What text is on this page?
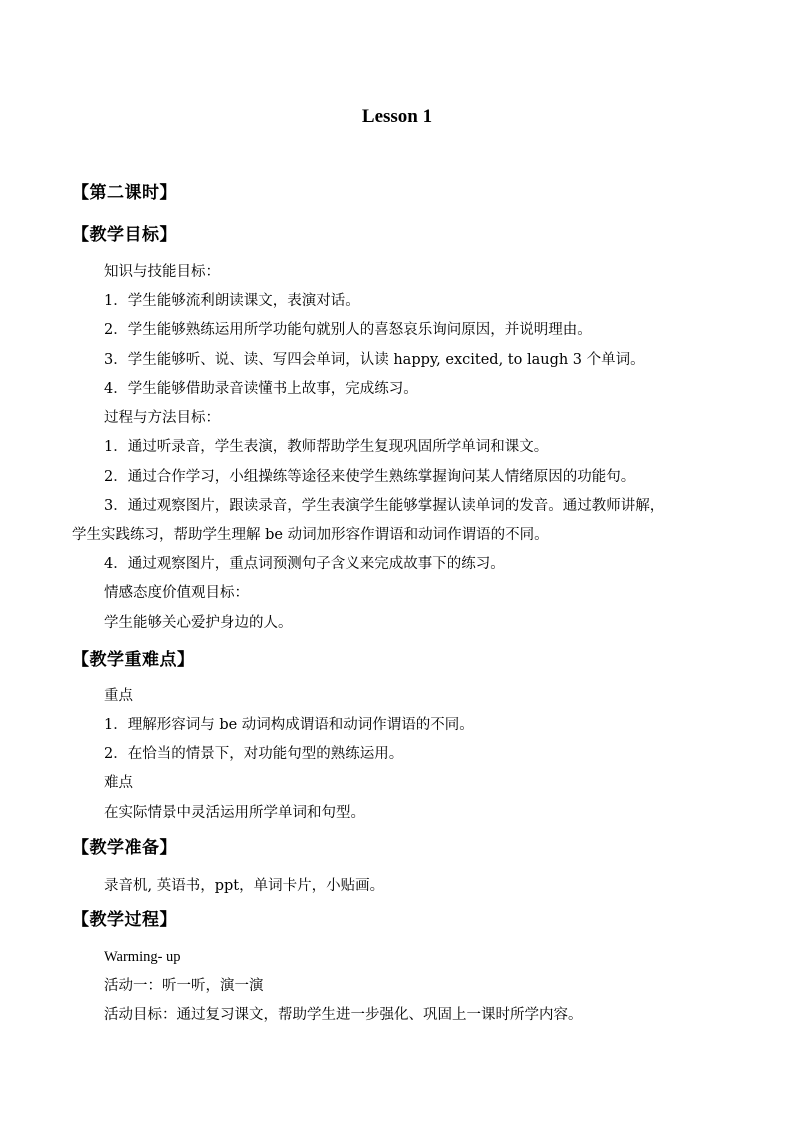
Lesson 1
【第二课时】
【教学目标】
知识与技能目标：
1．学生能够流利朗读课文，表演对话。
2．学生能够熟练运用所学功能句就别人的喜怒哀乐询问原因，并说明理由。
3．学生能够听、说、读、写四会单词，认读 happy, excited, to laugh 3 个单词。
4．学生能够借助录音读懂书上故事，完成练习。
过程与方法目标：
1．通过听录音，学生表演，教师帮助学生复现巩固所学单词和课文。
2．通过合作学习，小组操练等途径来使学生熟练掌握询问某人情绪原因的功能句。
3．通过观察图片，跟读录音，学生表演学生能够掌握认读单词的发音。通过教师讲解，
学生实践练习，帮助学生理解 be 动词加形容作谓语和动词作谓语的不同。
4．通过观察图片，重点词预测句子含义来完成故事下的练习。
情感态度价值观目标：
学生能够关心爱护身边的人。
【教学重难点】
重点
1．理解形容词与 be 动词构成谓语和动词作谓语的不同。
2．在恰当的情景下，对功能句型的熟练运用。
难点
在实际情景中灵活运用所学单词和句型。
【教学准备】
录音机, 英语书，ppt，单词卡片，小贴画。
【教学过程】
Warming- up
活动一：听一听，演一演
活动目标：通过复习课文，帮助学生进一步强化、巩固上一课时所学内容。
